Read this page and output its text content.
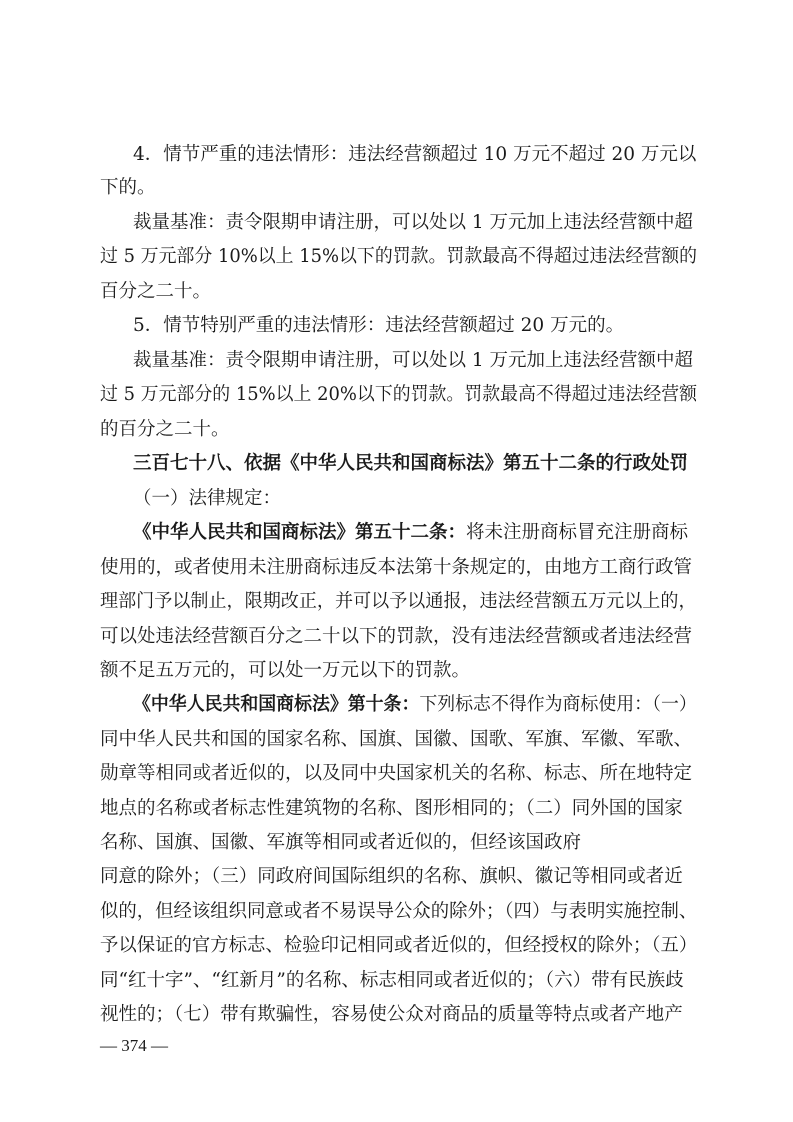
4．情节严重的违法情形：违法经营额超过 10 万元不超过 20 万元以
下的。
裁量基准：责令限期申请注册，可以处以 1 万元加上违法经营额中超
过 5 万元部分 10%以上 15%以下的罚款。罚款最高不得超过违法经营额的
百分之二十。
5．情节特别严重的违法情形：违法经营额超过 20 万元的。
裁量基准：责令限期申请注册，可以处以 1 万元加上违法经营额中超
过 5 万元部分的 15%以上 20%以下的罚款。罚款最高不得超过违法经营额
的百分之二十。
三百七十八、依据《中华人民共和国商标法》第五十二条的行政处罚
（一）法律规定：
《中华人民共和国商标法》第五十二条：将未注册商标冒充注册商标
使用的，或者使用未注册商标违反本法第十条规定的，由地方工商行政管
理部门予以制止，限期改正，并可以予以通报，违法经营额五万元以上的，
可以处违法经营额百分之二十以下的罚款，没有违法经营额或者违法经营
额不足五万元的，可以处一万元以下的罚款。
《中华人民共和国商标法》第十条：下列标志不得作为商标使用：（一）
同中华人民共和国的国家名称、国旗、国徽、国歌、军旗、军徽、军歌、
勋章等相同或者近似的，以及同中央国家机关的名称、标志、所在地特定
地点的名称或者标志性建筑物的名称、图形相同的；（二）同外国的国家
名称、国旗、国徽、军旗等相同或者近似的，但经该国政府
同意的除外；（三）同政府间国际组织的名称、旗帜、徽记等相同或者近
似的，但经该组织同意或者不易误导公众的除外；（四）与表明实施控制、
予以保证的官方标志、检验印记相同或者近似的，但经授权的除外；（五）
同“红十字”、“红新月”的名称、标志相同或者近似的；（六）带有民族歧
视性的；（七）带有欺骗性，容易使公众对商品的质量等特点或者产地产
— 374 —
